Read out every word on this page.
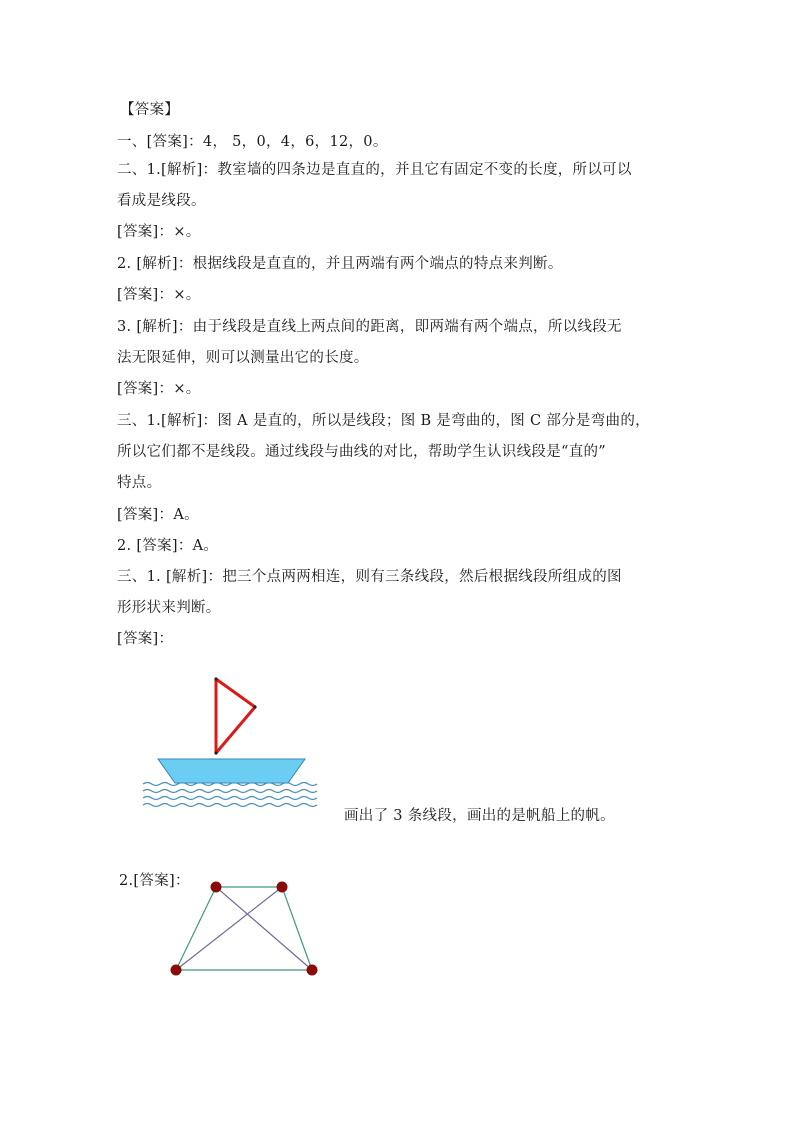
【答案】
一、[答案]：4， 5，0，4，6，12，0。
二、1.[解析]：教室墙的四条边是直直的，并且它有固定不变的长度，所以可以
看成是线段。
[答案]：×。
2. [解析]：根据线段是直直的，并且两端有两个端点的特点来判断。
[答案]：×。
3. [解析]：由于线段是直线上两点间的距离，即两端有两个端点，所以线段无
法无限延伸，则可以测量出它的长度。
[答案]：×。
三、1.[解析]：图 A 是直的，所以是线段；图 B 是弯曲的，图 C 部分是弯曲的，
所以它们都不是线段。通过线段与曲线的对比，帮助学生认识线段是“直的”
特点。
[答案]：A。
2. [答案]：A。
三、1. [解析]：把三个点两两相连，则有三条线段，然后根据线段所组成的图
形形状来判断。
[答案]：
画出了 3 条线段，画出的是帆船上的帆。
2.[答案]：
